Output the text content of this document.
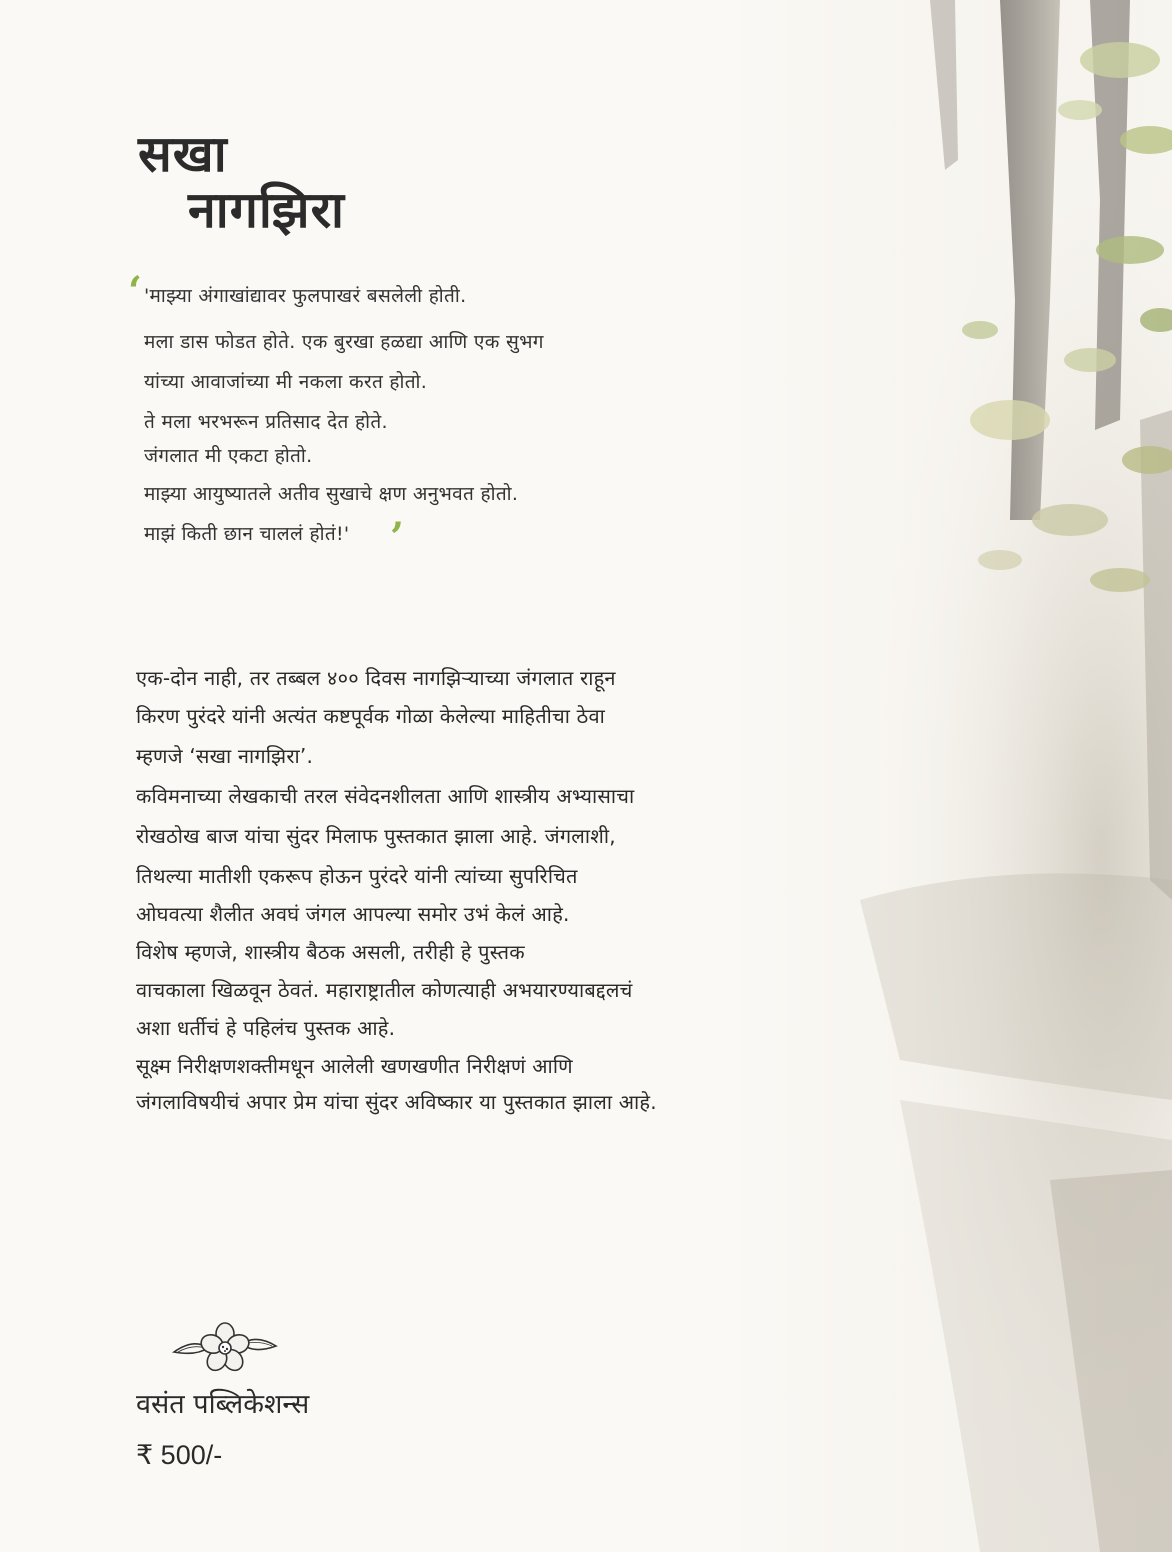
सखा
नागझिरा
‘ 'माझ्या अंगाखांद्यावर फुलपाखरं बसलेली होती.
मला डास फोडत होते. एक बुरखा हळद्या आणि एक सुभग
यांच्या आवाजांच्या मी नकला करत होतो.
ते मला भरभरून प्रतिसाद देत होते.
जंगलात मी एकटा होतो.
माझ्या आयुष्यातले अतीव सुखाचे क्षण अनुभवत होतो.
माझं किती छान चाललं होतं!' ’
एक-दोन नाही, तर तब्बल ४०० दिवस नागझिऱ्याच्या जंगलात राहून
किरण पुरंदरे यांनी अत्यंत कष्टपूर्वक गोळा केलेल्या माहितीचा ठेवा
म्हणजे ‘सखा नागझिरा’.
कविमनाच्या लेखकाची तरल संवेदनशीलता आणि शास्त्रीय अभ्यासाचा
रोखठोख बाज यांचा सुंदर मिलाफ पुस्तकात झाला आहे. जंगलाशी,
तिथल्या मातीशी एकरूप होऊन पुरंदरे यांनी त्यांच्या सुपरिचित
ओघवत्या शैलीत अवघं जंगल आपल्या समोर उभं केलं आहे.
विशेष म्हणजे, शास्त्रीय बैठक असली, तरीही हे पुस्तक
वाचकाला खिळवून ठेवतं. महाराष्ट्रातील कोणत्याही अभयारण्याबद्दलचं
अशा धर्तीचं हे पहिलंच पुस्तक आहे.
सूक्ष्म निरीक्षणशक्तीमधून आलेली खणखणीत निरीक्षणं आणि
जंगलाविषयीचं अपार प्रेम यांचा सुंदर अविष्कार या पुस्तकात झाला आहे.
वसंत पब्लिकेशन्स
₹ 500/-
